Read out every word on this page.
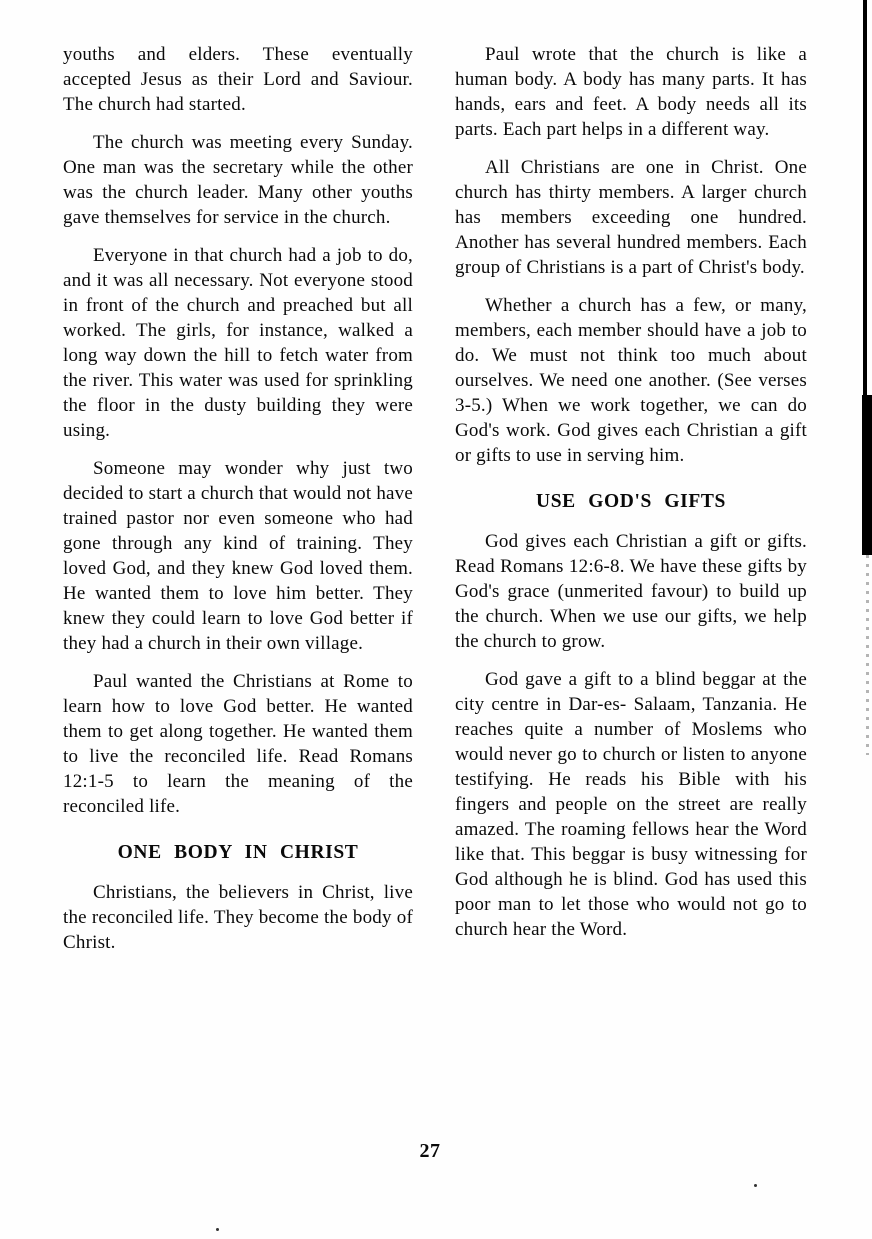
youths and elders. These eventually accepted Jesus as their Lord and Saviour. The church had started.

The church was meeting every Sunday. One man was the secretary while the other was the church leader. Many other youths gave themselves for service in the church.

Everyone in that church had a job to do, and it was all necessary. Not everyone stood in front of the church and preached but all worked. The girls, for instance, walked a long way down the hill to fetch water from the river. This water was used for sprinkling the floor in the dusty building they were using.

Someone may wonder why just two decided to start a church that would not have trained pastor nor even someone who had gone through any kind of training. They loved God, and they knew God loved them. He wanted them to love him better. They knew they could learn to love God better if they had a church in their own village.

Paul wanted the Christians at Rome to learn how to love God better. He wanted them to get along together. He wanted them to live the reconciled life. Read Romans 12:1-5 to learn the meaning of the reconciled life.

ONE BODY IN CHRIST

Christians, the believers in Christ, live the reconciled life. They become the body of Christ.

Paul wrote that the church is like a human body. A body has many parts. It has hands, ears and feet. A body needs all its parts. Each part helps in a different way.

All Christians are one in Christ. One church has thirty members. A larger church has members exceeding one hundred. Another has several hundred members. Each group of Christians is a part of Christ's body.

Whether a church has a few, or many, members, each member should have a job to do. We must not think too much about ourselves. We need one another. (See verses 3-5.) When we work together, we can do God's work. God gives each Christian a gift or gifts to use in serving him.

USE GOD'S GIFTS

God gives each Christian a gift or gifts. Read Romans 12:6-8. We have these gifts by God's grace (unmerited favour) to build up the church. When we use our gifts, we help the church to grow.

God gave a gift to a blind beggar at the city centre in Dar-es- Salaam, Tanzania. He reaches quite a number of Moslems who would never go to church or listen to anyone testifying. He reads his Bible with his fingers and people on the street are really amazed. The roaming fellows hear the Word like that. This beggar is busy witnessing for God although he is blind. God has used this poor man to let those who would not go to church hear the Word.

27
